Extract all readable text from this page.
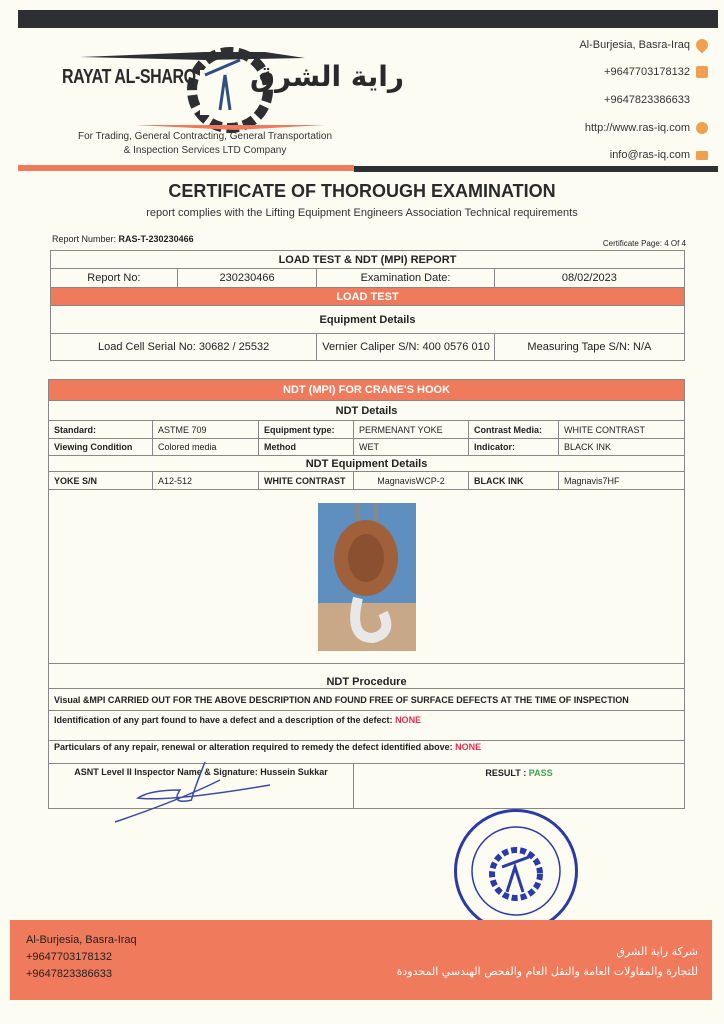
RAYAT AL-SHARQ راية الشرق
For Trading, General Contracting, General Transportation
& Inspection Services LTD Company
Al-Burjesia, Basra-Iraq
+9647703178132
+9647823386633
http://www.ras-iq.com
info@ras-iq.com
CERTIFICATE OF THOROUGH EXAMINATION
report complies with the Lifting Equipment Engineers Association Technical requirements
Report Number: RAS-T-230230466	Certificate Page: 4 Of 4
LOAD TEST & NDT (MPI) REPORT			
Report No:	230230466	Examination Date:	08/02/2023
LOAD TEST			
Equipment Details			
Load Cell Serial No: 30682 / 25532		Vernier Caliper S/N: 400 0576 010	Measuring Tape S/N: N/A
NDT (MPI) FOR CRANE'S HOOK					
NDT Details					
Standard:	ASTME 709	Equipment type:	PERMENANT YOKE	Contrast Media:	WHITE CONTRAST
Viewing Condition	Colored media	Method	WET	Indicator:	BLACK INK
NDT Equipment Details					
YOKE S/N	A12-512	WHITE CONTRAST	MagnavisWCP-2	BLACK INK	Magnavis7HF

NDT Procedure					
Visual &MPI CARRIED OUT FOR THE ABOVE DESCRIPTION AND FOUND FREE OF SURFACE DEFECTS AT THE TIME OF INSPECTION					
Identification of any part found to have a defect and a description of the defect: NONE					
Particulars of any repair, renewal or alteration required to remedy the defect identified above: NONE					
ASNT Level II Inspector Name & Signature: Hussein Sukkar			RESULT : PASS		
Al-Burjesia, Basra-Iraq
+9647703178132
+9647823386633
شركة راية الشرق
للتجارة والمقاولات العامة والنقل العام والفحص الهندسي المحدودة
